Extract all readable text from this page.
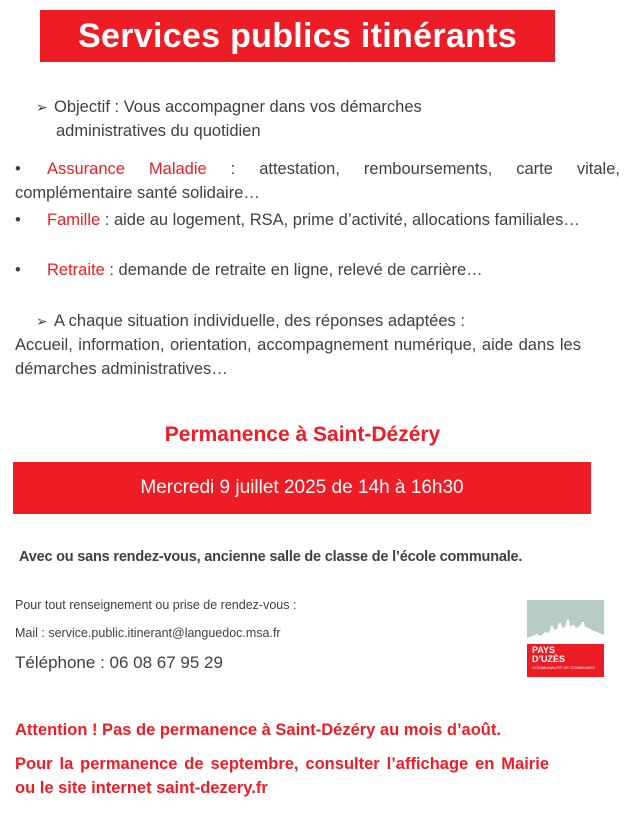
Services publics itinérants
➢ Objectif : Vous accompagner dans vos démarches
administratives du quotidien
• Assurance Maladie : attestation, remboursements, carte vitale, complémentaire santé solidaire…
• Famille : aide au logement, RSA, prime d’activité, allocations familiales…
• Retraite : demande de retraite en ligne, relevé de carrière…
➢ A chaque situation individuelle, des réponses adaptées :
Accueil, information, orientation, accompagnement numérique, aide dans les démarches administratives…
Permanence à Saint-Dézéry
Mercredi 9 juillet 2025 de 14h à 16h30
Avec ou sans rendez-vous, ancienne salle de classe de l’école communale.
Pour tout renseignement ou prise de rendez-vous :
Mail : service.public.itinerant@languedoc.msa.fr
Téléphone : 06 08 67 95 29
PAYS
D’UZÈS
COMMUNAUTÉ DE COMMUNES
Attention ! Pas de permanence à Saint-Dézéry au mois d’août.
Pour la permanence de septembre, consulter l’affichage en Mairie ou le site internet saint-dezery.fr
